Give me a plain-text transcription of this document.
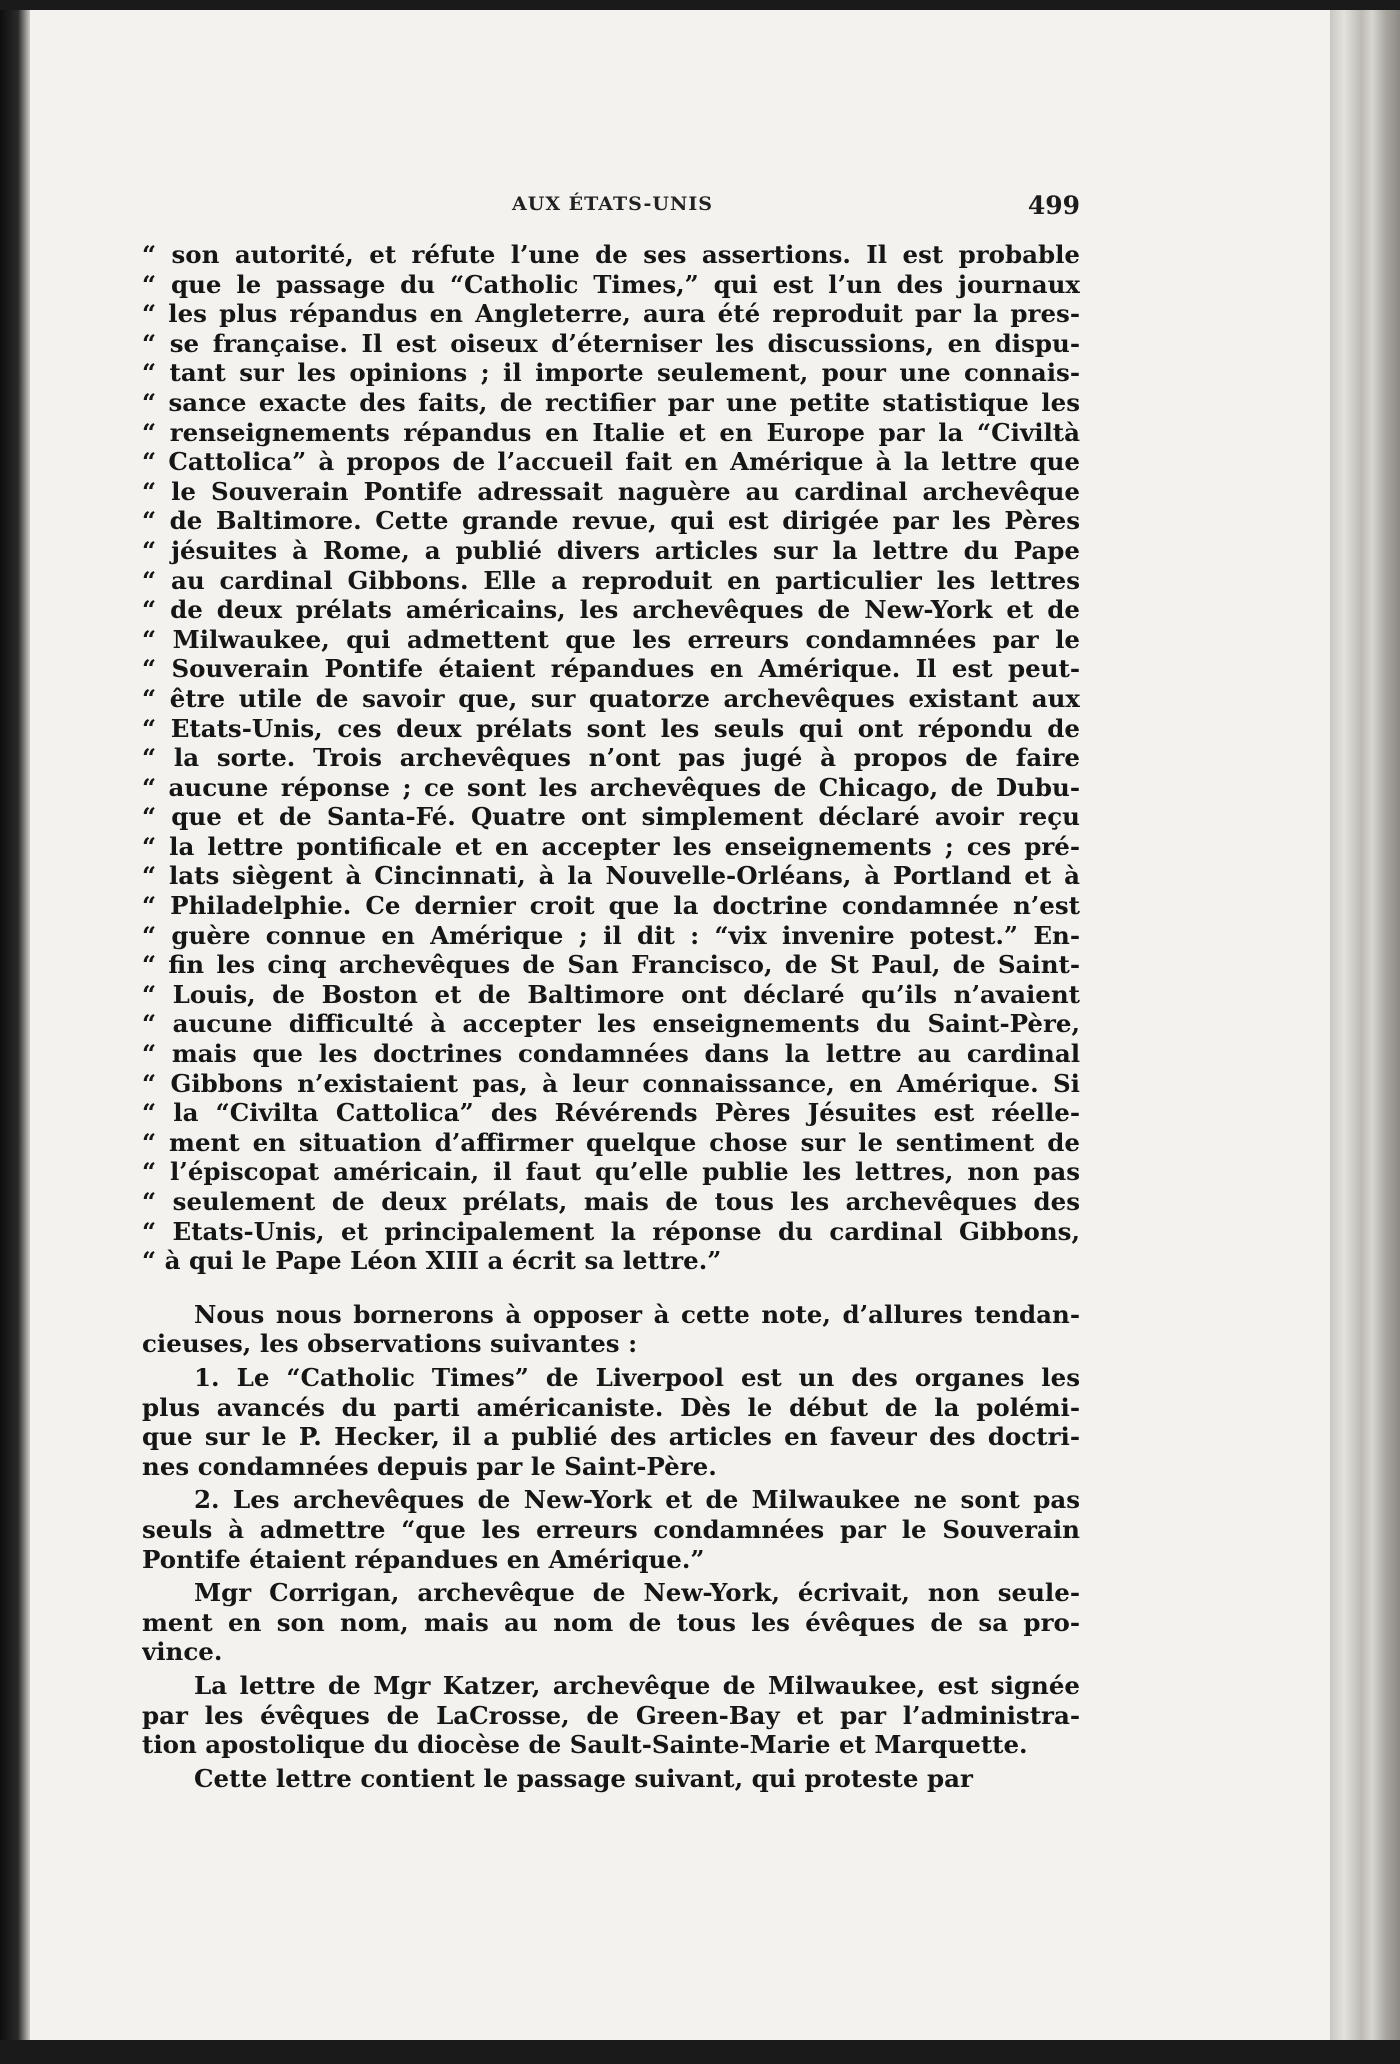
AUX ÉTATS-UNIS	499
“ son autorité, et réfute l’une de ses assertions. Il est probable
“ que le passage du “Catholic Times,” qui est l’un des journaux
“ les plus répandus en Angleterre, aura été reproduit par la pres-
“ se française. Il est oiseux d’éterniser les discussions, en dispu-
“ tant sur les opinions ; il importe seulement, pour une connais-
“ sance exacte des faits, de rectifier par une petite statistique les
“ renseignements répandus en Italie et en Europe par la “Civiltà
“ Cattolica” à propos de l’accueil fait en Amérique à la lettre que
“ le Souverain Pontife adressait naguère au cardinal archevêque
“ de Baltimore. Cette grande revue, qui est dirigée par les Pères
“ jésuites à Rome, a publié divers articles sur la lettre du Pape
“ au cardinal Gibbons. Elle a reproduit en particulier les lettres
“ de deux prélats américains, les archevêques de New-York et de
“ Milwaukee, qui admettent que les erreurs condamnées par le
“ Souverain Pontife étaient répandues en Amérique. Il est peut-
“ être utile de savoir que, sur quatorze archevêques existant aux
“ Etats-Unis, ces deux prélats sont les seuls qui ont répondu de
“ la sorte. Trois archevêques n’ont pas jugé à propos de faire
“ aucune réponse ; ce sont les archevêques de Chicago, de Dubu-
“ que et de Santa-Fé. Quatre ont simplement déclaré avoir reçu
“ la lettre pontificale et en accepter les enseignements ; ces pré-
“ lats siègent à Cincinnati, à la Nouvelle-Orléans, à Portland et à
“ Philadelphie. Ce dernier croit que la doctrine condamnée n’est
“ guère connue en Amérique ; il dit : “vix invenire potest.” En-
“ fin les cinq archevêques de San Francisco, de St Paul, de Saint-
“ Louis, de Boston et de Baltimore ont déclaré qu’ils n’avaient
“ aucune difficulté à accepter les enseignements du Saint-Père,
“ mais que les doctrines condamnées dans la lettre au cardinal
“ Gibbons n’existaient pas, à leur connaissance, en Amérique. Si
“ la “Civilta Cattolica” des Révérends Pères Jésuites est réelle-
“ ment en situation d’affirmer quelque chose sur le sentiment de
“ l’épiscopat américain, il faut qu’elle publie les lettres, non pas
“ seulement de deux prélats, mais de tous les archevêques des
“ Etats-Unis, et principalement la réponse du cardinal Gibbons,
“ à qui le Pape Léon XIII a écrit sa lettre.”
Nous nous bornerons à opposer à cette note, d’allures tendan-
cieuses, les observations suivantes :
1. Le “Catholic Times” de Liverpool est un des organes les
plus avancés du parti américaniste. Dès le début de la polémi-
que sur le P. Hecker, il a publié des articles en faveur des doctri-
nes condamnées depuis par le Saint-Père.
2. Les archevêques de New-York et de Milwaukee ne sont pas
seuls à admettre “que les erreurs condamnées par le Souverain
Pontife étaient répandues en Amérique.”
Mgr Corrigan, archevêque de New-York, écrivait, non seule-
ment en son nom, mais au nom de tous les évêques de sa pro-
vince.
La lettre de Mgr Katzer, archevêque de Milwaukee, est signée
par les évêques de LaCrosse, de Green-Bay et par l’administra-
tion apostolique du diocèse de Sault-Sainte-Marie et Marquette.
Cette lettre contient le passage suivant, qui proteste par
